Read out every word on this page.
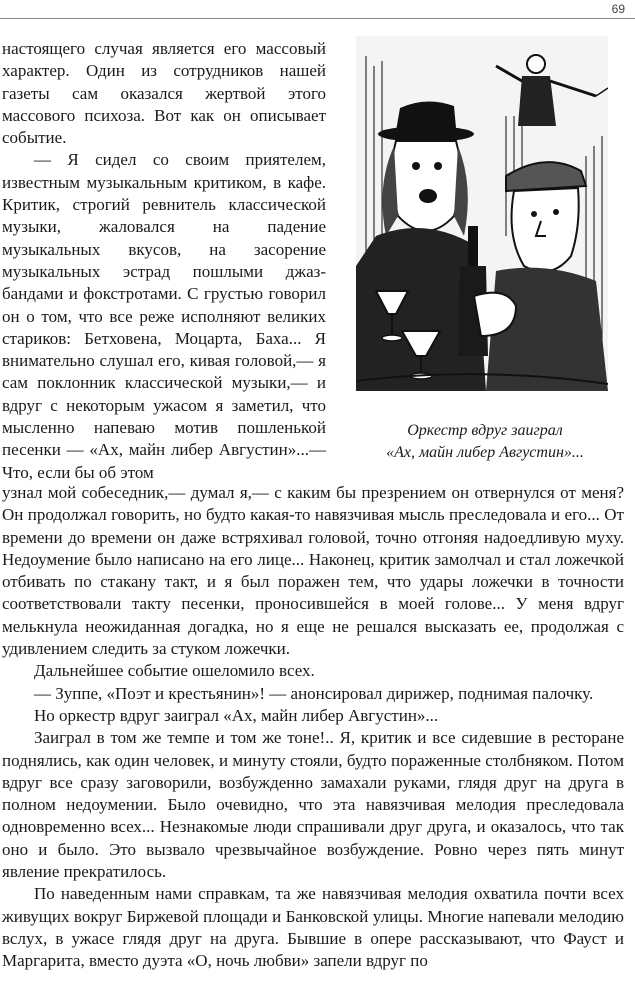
69

настоящего случая является его массовый характер. Один из сотрудников нашей газеты сам оказался жертвой этого массового психоза. Вот как он описывает событие.

— Я сидел со своим приятелем, известным музыкальным критиком, в кафе. Критик, строгий ревнитель классической музыки, жаловался на падение музыкальных вкусов, на засорение музыкальных эстрад пошлыми джаз-бандами и фокстротами. С грустью говорил он о том, что все реже исполняют великих стариков: Бетховена, Моцарта, Баха... Я внимательно слушал его, кивая головой,— я сам поклонник классической музыки,— и вдруг с некоторым ужасом я заметил, что мысленно напеваю мотив пошленькой песенки — «Ах, майн либер Августин»...— Что, если бы об этом

Оркестр вдруг заиграл
«Ах, майн либер Августин»...

узнал мой собеседник,— думал я,— с каким бы презрением он отвернулся от меня? Он продолжал говорить, но будто какая-то навязчивая мысль преследовала и его... От времени до времени он даже встряхивал головой, точно отгоняя надоедливую муху. Недоумение было написано на его лице... Наконец, критик замолчал и стал ложечкой отбивать по стакану такт, и я был поражен тем, что удары ложечки в точности соответствовали такту песенки, проносившейся в моей голове... У меня вдруг мелькнула неожиданная догадка, но я еще не решался высказать ее, продолжая с удивлением следить за стуком ложечки.

Дальнейшее событие ошеломило всех.

— Зуппе, «Поэт и крестьянин»! — анонсировал дирижер, поднимая палочку.

Но оркестр вдруг заиграл «Ах, майн либер Августин»...

Заиграл в том же темпе и том же тоне!.. Я, критик и все сидевшие в ресторане поднялись, как один человек, и минуту стояли, будто пораженные столбняком. Потом вдруг все сразу заговорили, возбужденно замахали руками, глядя друг на друга в полном недоумении. Было очевидно, что эта навязчивая мелодия преследовала одновременно всех... Незнакомые люди спрашивали друг друга, и оказалось, что так оно и было. Это вызвало чрезвычайное возбуждение. Ровно через пять минут явление прекратилось.

По наведенным нами справкам, та же навязчивая мелодия охватила почти всех живущих вокруг Биржевой площади и Банковской улицы. Многие напевали мелодию вслух, в ужасе глядя друг на друга. Бывшие в опере рассказывают, что Фауст и Маргарита, вместо дуэта «О, ночь любви» запели вдруг по
